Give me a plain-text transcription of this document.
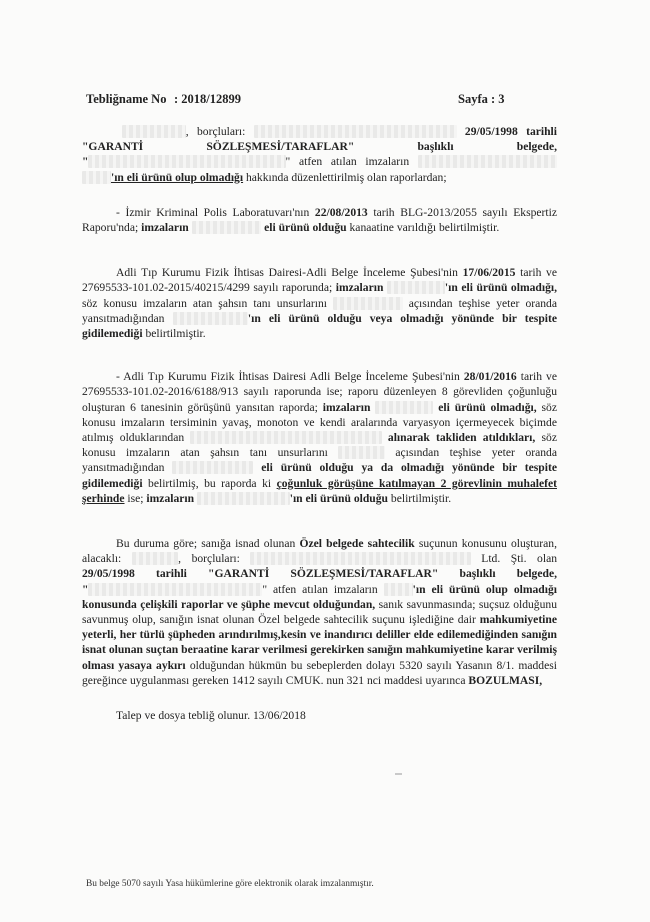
Tebliğname No : 2018/12899	Sayfa : 3

, borçluları:	29/05/1998 tarihli "GARANTİ SÖZLEŞMESİ/TARAFLAR" başlıklı belgede, "	" atfen atılan imzaların 'ın eli ürünü olup olmadığı hakkında düzenlettirilmiş olan raporlardan;

- İzmir Kriminal Polis Laboratuvarı'nın 22/08/2013 tarih BLG-2013/2055 sayılı Ekspertiz Raporu'nda; imzaların	eli ürünü olduğu kanaatine varıldığı belirtilmiştir.

Adli Tıp Kurumu Fizik İhtisas Dairesi-Adli Belge İnceleme Şubesi'nin 17/06/2015 tarih ve 27695533-101.02-2015/40215/4299 sayılı raporunda; imzaların	'ın eli ürünü olmadığı, söz konusu imzaların atan şahsın tanı unsurlarını	açısından teşhise yeter oranda yansıtmadığından	'ın eli ürünü olduğu veya olmadığı yönünde bir tespite gidilemediği belirtilmiştir.

- Adli Tıp Kurumu Fizik İhtisas Dairesi Adli Belge İnceleme Şubesi'nin 28/01/2016 tarih ve 27695533-101.02-2016/6188/913 sayılı raporunda ise; raporu düzenleyen 8 görevliden çoğunluğu oluşturan 6 tanesinin görüşünü yansıtan raporda; imzaların	eli ürünü olmadığı, söz konusu imzaların tersiminin yavaş, monoton ve kendi aralarında varyasyon içermeyecek biçimde atılmış olduklarından	alınarak takliden atıldıkları, söz konusu imzaların atan şahsın tanı unsurlarını	açısından teşhise yeter oranda yansıtmadığından	eli ürünü olduğu ya da olmadığı yönünde bir tespite gidilemediği belirtilmiş, bu raporda ki çoğunluk görüşüne katılmayan 2 görevlinin muhalefet şerhinde ise; imzaların	'ın eli ürünü olduğu belirtilmiştir.

Bu duruma göre; sanığa isnad olunan Özel belgede sahtecilik suçunun konusunu oluşturan, alacaklı:	, borçluları:	Ltd. Şti. olan 29/05/1998 tarihli "GARANTİ SÖZLEŞMESİ/TARAFLAR" başlıklı belgede, "	" atfen atılan imzaların	'ın eli ürünü olup olmadığı konusunda çelişkili raporlar ve şüphe mevcut olduğundan, sanık savunmasında; suçsuz olduğunu savunmuş olup, sanığın isnat olunan Özel belgede sahtecilik suçunu işlediğine dair mahkumiyetine yeterli, her türlü şüpheden arındırılmış,kesin ve inandırıcı deliller elde edilemediğinden sanığın isnat olunan suçtan beraatine karar verilmesi gerekirken sanığın mahkumiyetine karar verilmiş olması yasaya aykırı olduğundan hükmün bu sebeplerden dolayı 5320 sayılı Yasanın 8/1. maddesi gereğince uygulanması gereken 1412 sayılı CMUK. nun 321 nci maddesi uyarınca BOZULMASI,

Talep ve dosya tebliğ olunur. 13/06/2018

Bu belge 5070 sayılı Yasa hükümlerine göre elektronik olarak imzalanmıştır.
